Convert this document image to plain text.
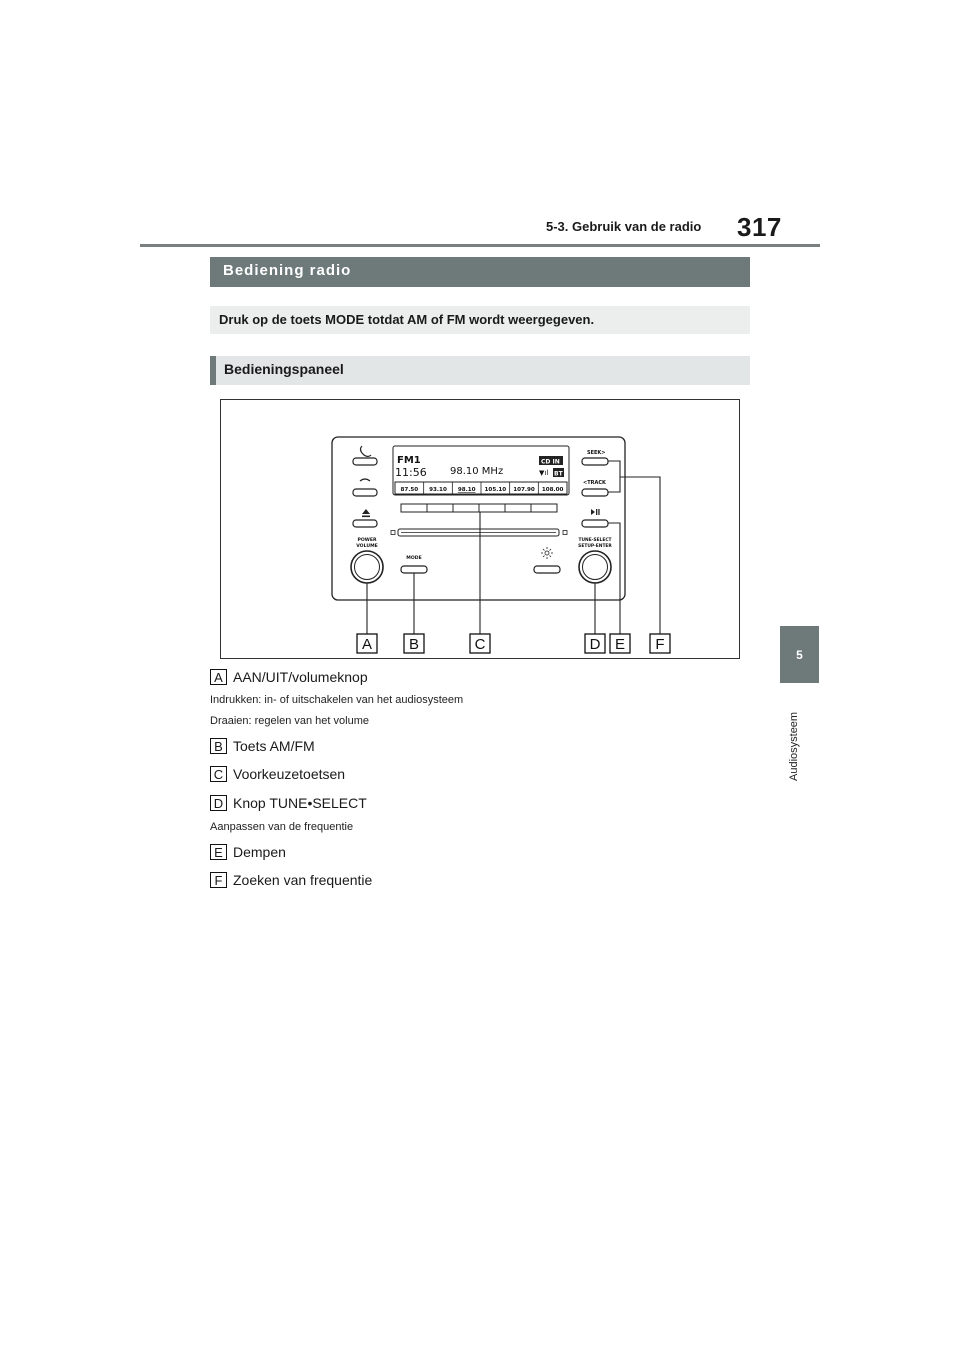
317
5-3. Gebruik van de radio
5
Audiosysteem
Bediening radio
Druk op de toets MODE totdat AM of FM wordt weergegeven.
Bedieningspaneel
FM1
11:56 98.10 MHz
CD IN
▼ıl BT
87.50 93.10 98.10 105.10 107.90 108.00
POWER
VOLUME
MODE
SEEK>
<TRACK
TUNE·SELECT
SETUP·ENTER
A B	C	D E F
A AAN/UIT/volumeknop
Indrukken: in- of uitschakelen van het audiosysteem
Draaien: regelen van het volume
B Toets AM/FM
C Voorkeuzetoetsen
D Knop TUNE•SELECT
Aanpassen van de frequentie
E Dempen
F Zoeken van frequentie
